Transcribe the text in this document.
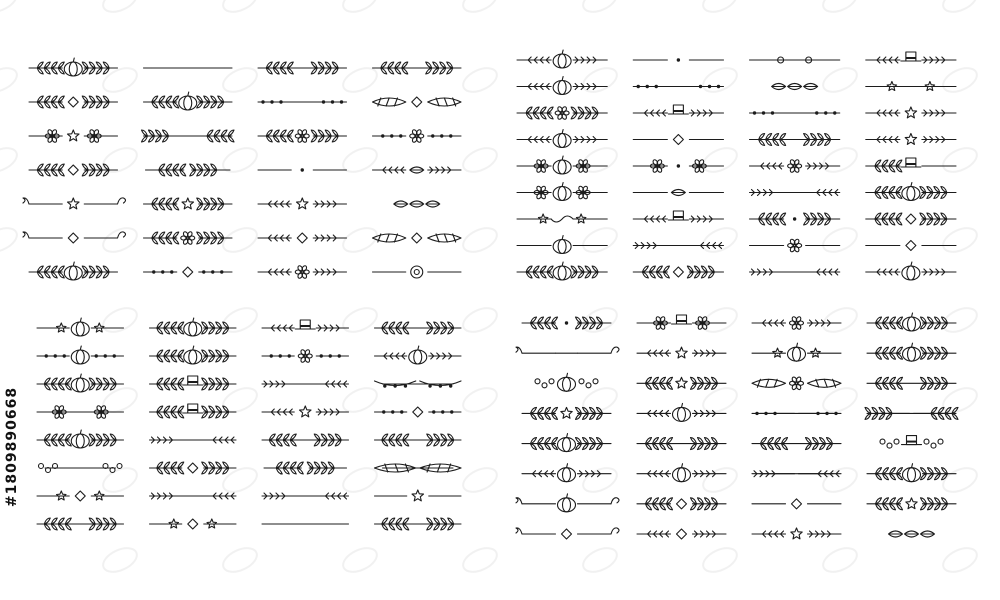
#1809890668
